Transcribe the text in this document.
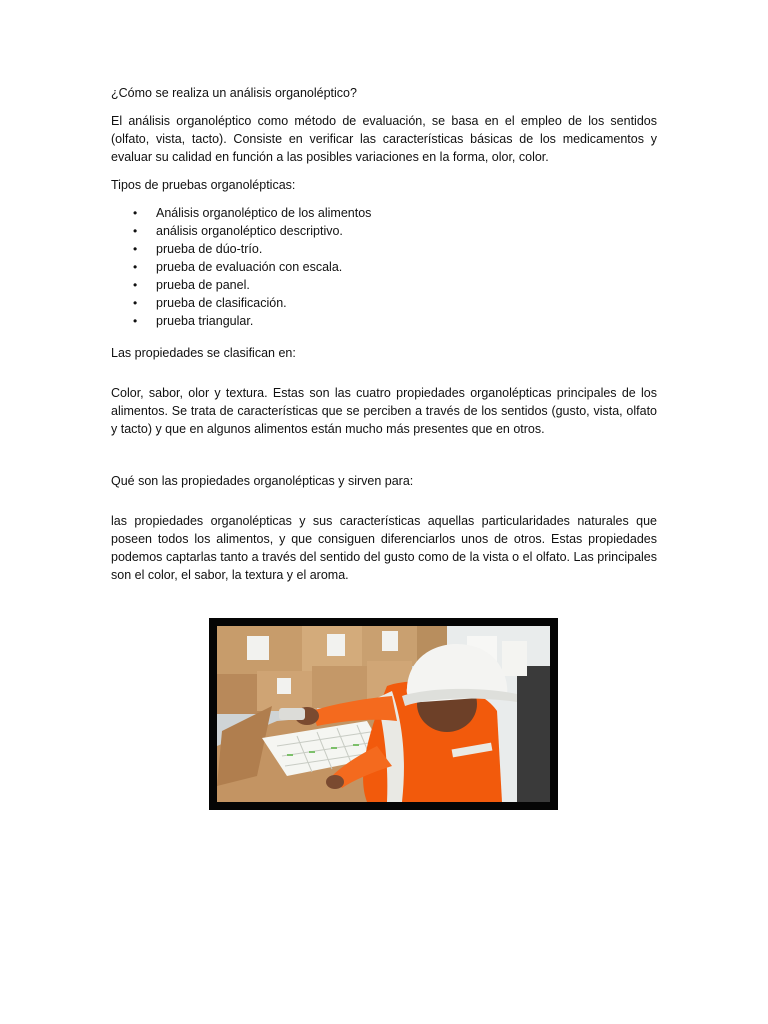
¿Cómo se realiza un análisis organoléptico?

El análisis organoléptico como método de evaluación, se basa en el empleo de los sentidos (olfato, vista, tacto). Consiste en verificar las características básicas de los medicamentos y evaluar su calidad en función a las posibles variaciones en la forma, olor, color.

Tipos de pruebas organolépticas:

• Análisis organoléptico de los alimentos
• análisis organoléptico descriptivo.
• prueba de dúo-trío.
• prueba de evaluación con escala.
• prueba de panel.
• prueba de clasificación.
• prueba triangular.

Las propiedades se clasifican en:

Color, sabor, olor y textura. Estas son las cuatro propiedades organolépticas principales de los alimentos. Se trata de características que se perciben a través de los sentidos (gusto, vista, olfato y tacto) y que en algunos alimentos están mucho más presentes que en otros.

Qué son las propiedades organolépticas y sirven para:

las propiedades organolépticas y sus características aquellas particularidades naturales que poseen todos los alimentos, y que consiguen diferenciarlos unos de otros. Estas propiedades podemos captarlas tanto a través del sentido del gusto como de la vista o el olfato. Las principales son el color, el sabor, la textura y el aroma.
